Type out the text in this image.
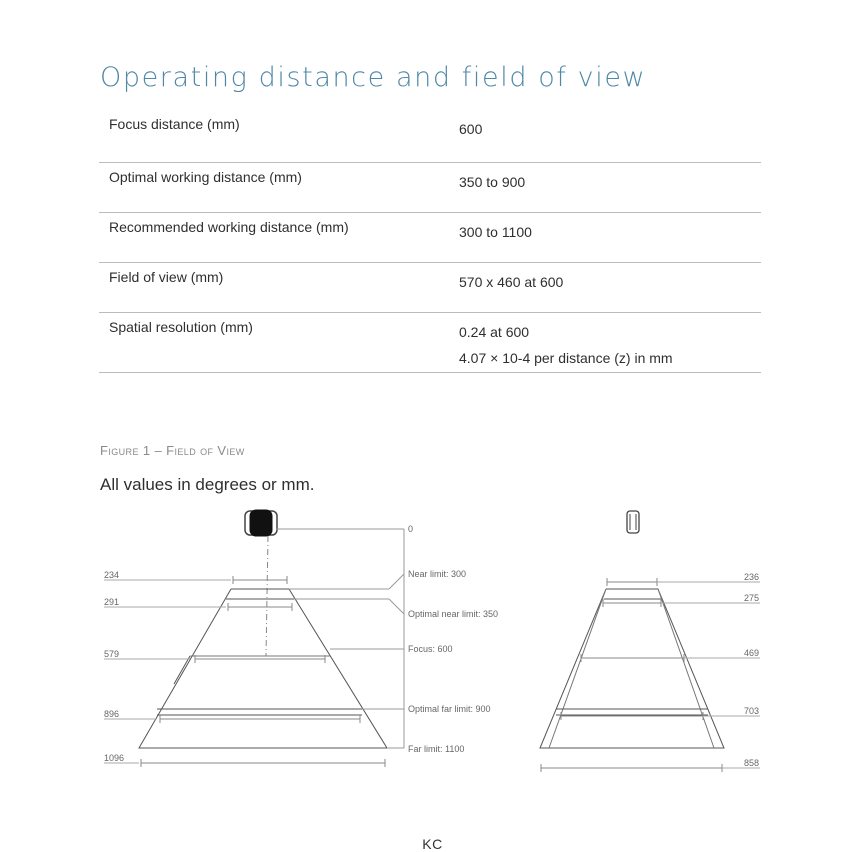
Operating distance and field of view
Focus distance (mm)	600

Optimal working distance (mm)	350 to 900

Recommended working distance (mm)	300 to 1100

Field of view (mm)	570 x 460 at 600

Spatial resolution (mm)	0.24 at 600
4.07 × 10-4 per distance (z) in mm

Figure 1 – Field of View

All values in degrees or mm.

234
291
579
896
1096
0
Near limit: 300
Optimal near limit: 350
Focus: 600
Optimal far limit: 900
Far limit: 1100
236
275
469
703
858
KC
